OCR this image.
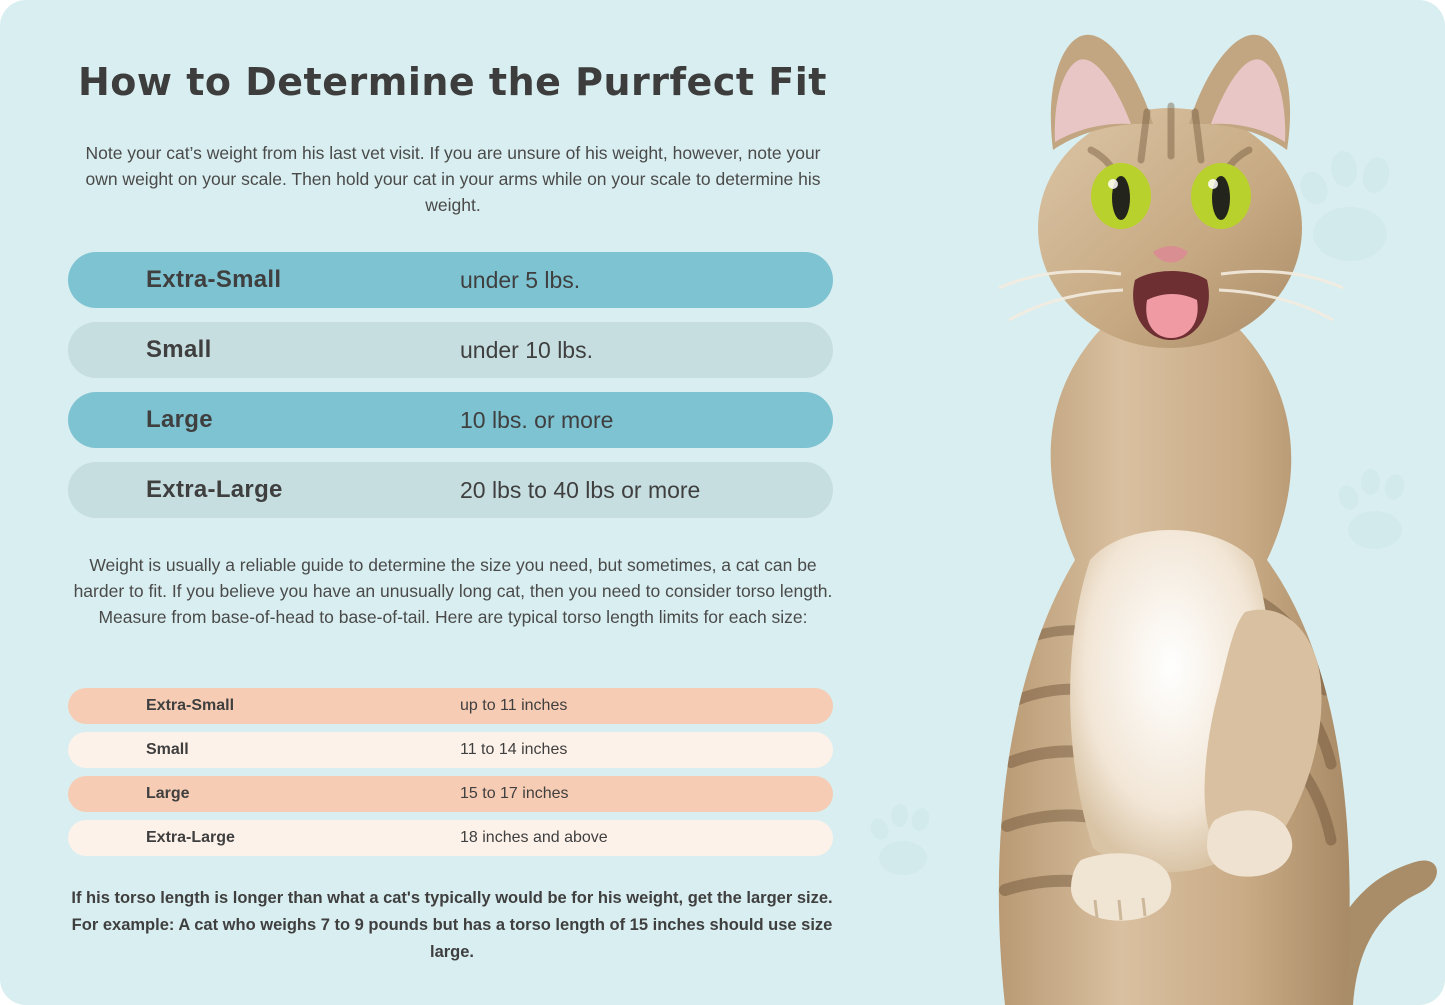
How to Determine the Purrfect Fit
Note your cat’s weight from his last vet visit. If you are unsure of his weight, however, note your own weight on your scale. Then hold your cat in your arms while on your scale to determine his weight.
Extra-Small	under 5 lbs.
Small	under 10 lbs.
Large	10 lbs. or more
Extra-Large	20 lbs to 40 lbs or more
Weight is usually a reliable guide to determine the size you need, but sometimes, a cat can be harder to fit. If you believe you have an unusually long cat, then you need to consider torso length. Measure from base-of-head to base-of-tail. Here are typical torso length limits for each size:
Extra-Small	up to 11 inches
Small	11 to 14 inches
Large	15 to 17 inches
Extra-Large	18 inches and above
If his torso length is longer than what a cat's typically would be for his weight, get the larger size. For example: A cat who weighs 7 to 9 pounds but has a torso length of 15 inches should use size large.
